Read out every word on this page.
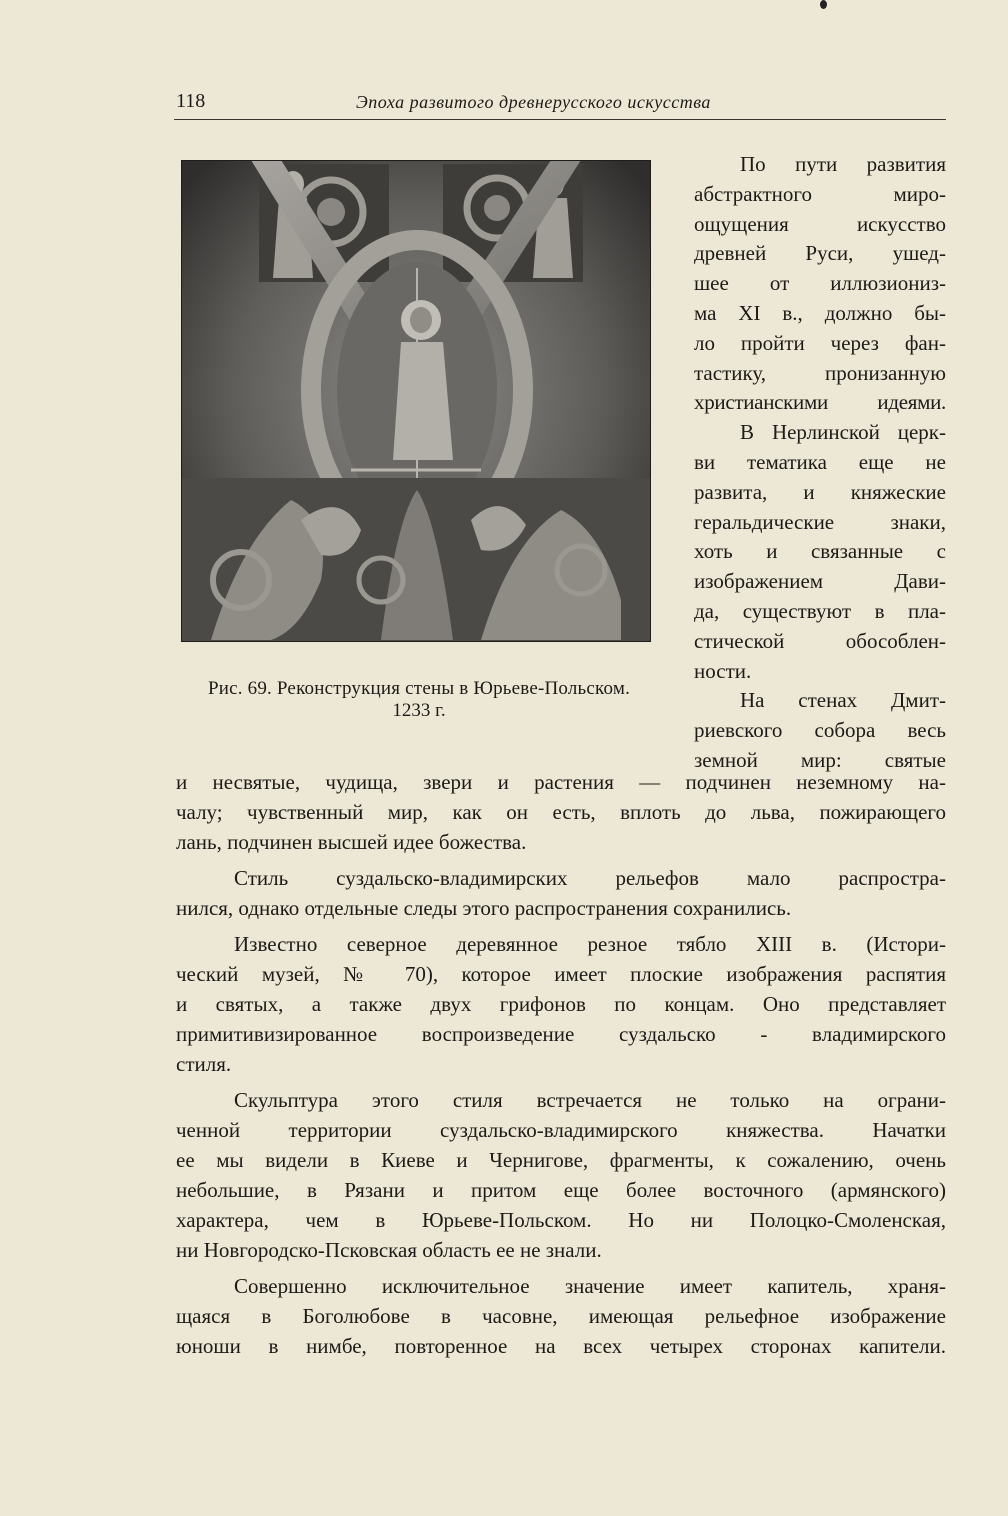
118	Эпоха развитого древнерусского искусства
Рис. 69. Реконструкция стены в Юрьеве-Польском.
1233 г.

По пути развития
абстрактного миро-
ощущения искусство
древней Руси, ушед-
шее от иллюзиониз-
ма XI в., должно бы-
ло пройти через фан-
тастику, пронизанную
христианскими идеями.

В Нерлинской церк-
ви тематика еще не
развита, и княжеские
геральдические знаки,
хоть и связанные с
изображением Дави-
да, существуют в пла-
стической обособлен-
ности.

На стенах Дмит-
риевского собора весь
земной мир: святые

и несвятые, чудища, звери и растения — подчинен неземному на-
чалу; чувственный мир, как он есть, вплоть до льва, пожирающего
лань, подчинен высшей идее божества.

Стиль суздальско-владимирских рельефов мало распростра-
нился, однако отдельные следы этого распространения сохранились.

Известно северное деревянное резное тябло XIII в. (Истори-
ческий музей, № 70), которое имеет плоские изображения распятия
и святых, а также двух грифонов по концам. Оно представляет
примитивизированное воспроизведение суздальско - владимирского
стиля.

Скульптура этого стиля встречается не только на ограни-
ченной территории суздальско-владимирского княжества. Начатки
ее мы видели в Киеве и Чернигове, фрагменты, к сожалению, очень
небольшие, в Рязани и притом еще более восточного (армянского)
характера, чем в Юрьеве-Польском. Но ни Полоцко-Смоленская,
ни Новгородско-Псковская область ее не знали.

Совершенно исключительное значение имеет капитель, храня-
щаяся в Боголюбове в часовне, имеющая рельефное изображение
юноши в нимбе, повторенное на всех четырех сторонах капители.
